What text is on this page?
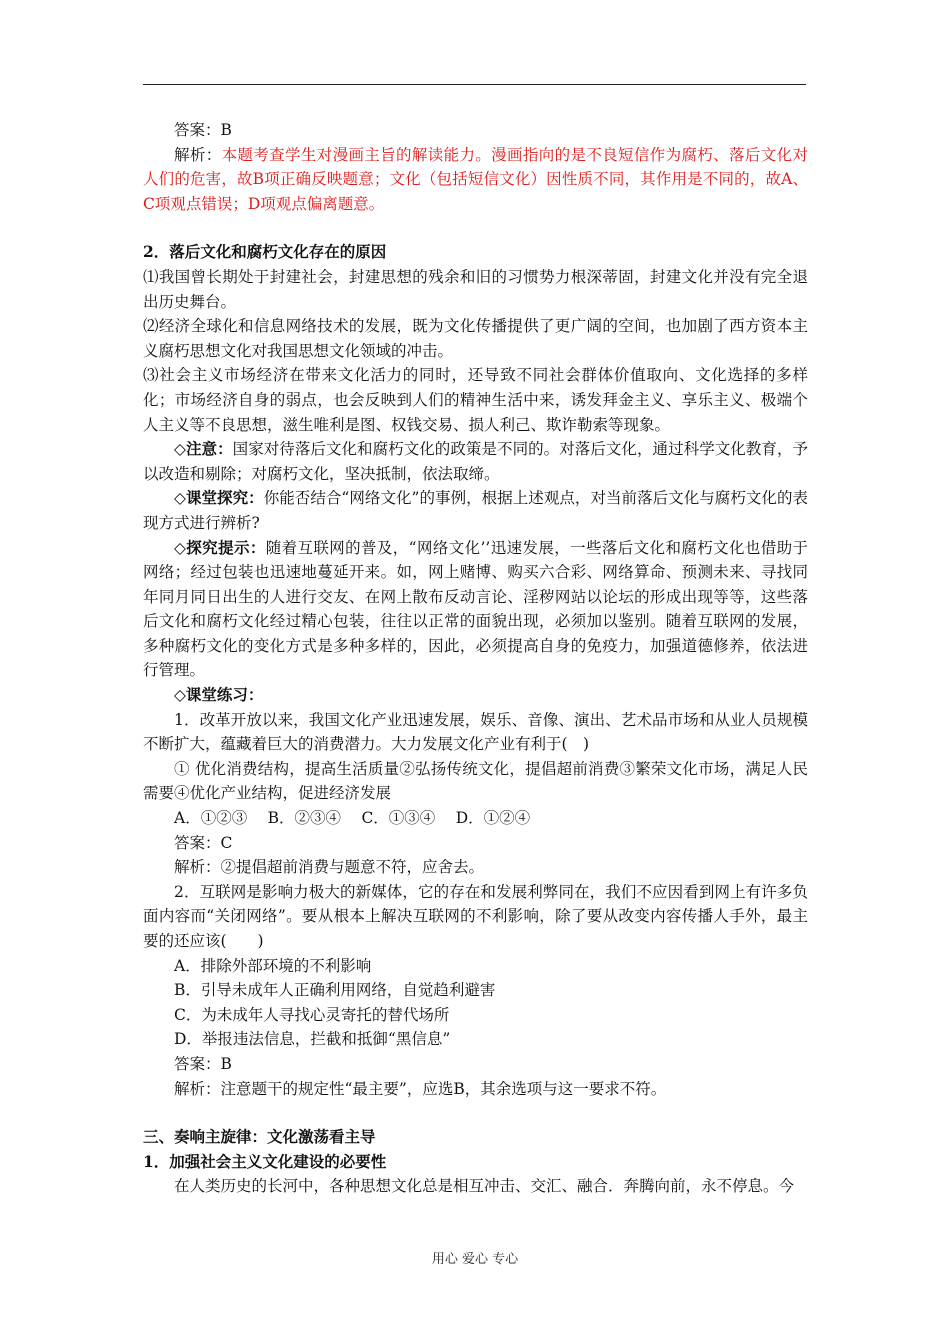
答案：B

解析：本题考查学生对漫画主旨的解读能力。漫画指向的是不良短信作为腐朽、落后文化对人们的危害，故B项正确反映题意；文化（包括短信文化）因性质不同，其作用是不同的，故A、C项观点错误；D项观点偏离题意。

2．落后文化和腐朽文化存在的原因

⑴我国曾长期处于封建社会，封建思想的残余和旧的习惯势力根深蒂固，封建文化并没有完全退出历史舞台。

⑵经济全球化和信息网络技术的发展，既为文化传播提供了更广阔的空间，也加剧了西方资本主义腐朽思想文化对我国思想文化领域的冲击。

⑶社会主义市场经济在带来文化活力的同时，还导致不同社会群体价值取向、文化选择的多样化；市场经济自身的弱点，也会反映到人们的精神生活中来，诱发拜金主义、享乐主义、极端个人主义等不良思想，滋生唯利是图、权钱交易、损人利己、欺诈勒索等现象。

◇注意：国家对待落后文化和腐朽文化的政策是不同的。对落后文化，通过科学文化教育，予以改造和剔除；对腐朽文化，坚决抵制，依法取缔。

◇课堂探究：你能否结合“网络文化”的事例，根据上述观点，对当前落后文化与腐朽文化的表现方式进行辨析?

◇探究提示：随着互联网的普及，“网络文化’’迅速发展，一些落后文化和腐朽文化也借助于网络；经过包装也迅速地蔓延开来。如，网上赌博、购买六合彩、网络算命、预测未来、寻找同年同月同日出生的人进行交友、在网上散布反动言论、淫秽网站以论坛的形成出现等等，这些落后文化和腐朽文化经过精心包装，往往以正常的面貌出现，必须加以鉴别。随着互联网的发展，多种腐朽文化的变化方式是多种多样的，因此，必须提高自身的免疫力，加强道德修养，依法进行管理。

◇课堂练习：

1．改革开放以来，我国文化产业迅速发展，娱乐、音像、演出、艺术品市场和从业人员规模不断扩大，蕴藏着巨大的消费潜力。大力发展文化产业有利于(　)

① 优化消费结构，提高生活质量②弘扬传统文化，提倡超前消费③繁荣文化市场，满足人民需要④优化产业结构，促进经济发展

A．①②③　 B．②③④　 C．①③④　 D．①②④

答案：C

解析：②提倡超前消费与题意不符，应舍去。

2．互联网是影响力极大的新媒体，它的存在和发展利弊同在，我们不应因看到网上有许多负面内容而“关闭网络”。要从根本上解决互联网的不利影响，除了要从改变内容传播人手外，最主要的还应该(　　)

A．排除外部环境的不利影响

B．引导未成年人正确利用网络，自觉趋利避害

C．为未成年人寻找心灵寄托的替代场所

D．举报违法信息，拦截和抵御“黑信息”

答案：B

解析：注意题干的规定性“最主要”，应选B，其余选项与这一要求不符。

三、奏响主旋律：文化激荡看主导

1．加强社会主义文化建设的必要性

在人类历史的长河中，各种思想文化总是相互冲击、交汇、融合．奔腾向前，永不停息。今

用心 爱心 专心
